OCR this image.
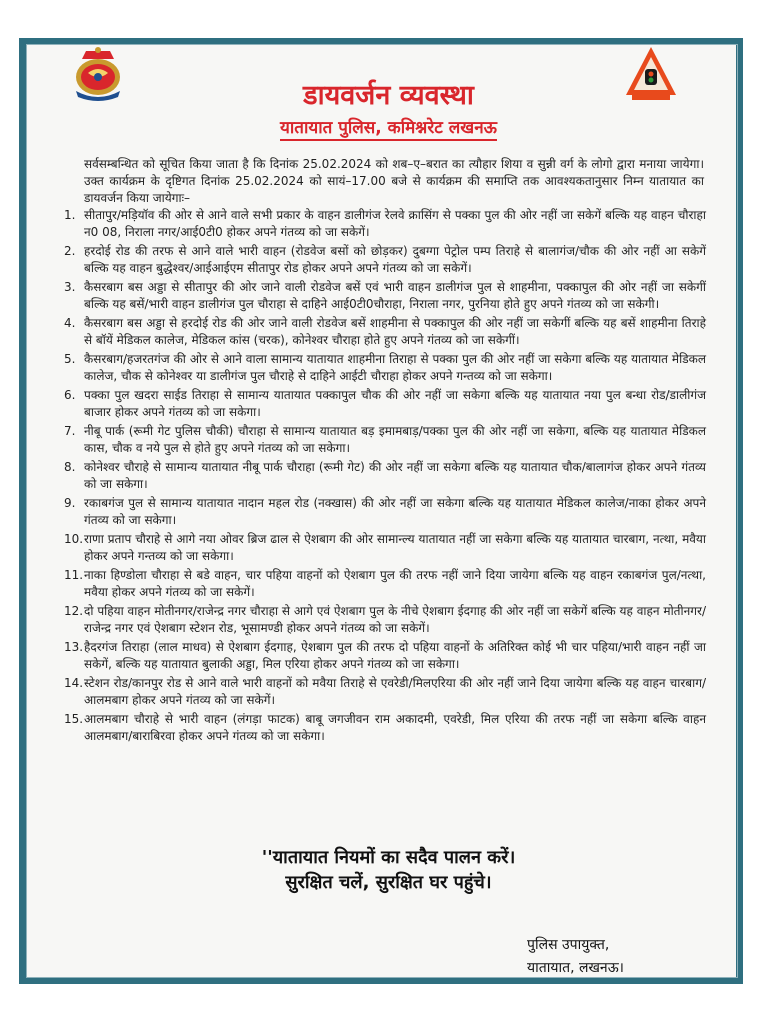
डायवर्जन व्यवस्था
यातायात पुलिस, कमिश्नरेट लखनऊ
सर्वसम्बन्धित को सूचित किया जाता है कि दिनांक 25.02.2024 को शब–ए–बरात का त्यौहार शिया व सुन्नी वर्ग के लोगो द्वारा मनाया जायेगा। उक्त कार्यक्रम के दृष्टिगत दिनांक 25.02.2024 को सायं–17.00 बजे से कार्यक्रम की समाप्ति तक आवश्यकतानुसार निम्न यातायात का डायवर्जन किया जायेगाः–
1. सीतापुर/मड़ियॉव की ओर से आने वाले सभी प्रकार के वाहन डालीगंज रेलवे क्रासिंग से पक्का पुल की ओर नहीं जा सकेगें बल्कि यह वाहन चौराहा न0 08, निराला नगर/आई0टी0 होकर अपने गंतव्य को जा सकेगें।
2. हरदोई रोड की तरफ से आने वाले भारी वाहन (रोडवेज बसों को छोड़कर) दुबग्गा पेट्रोल पम्प तिराहे से बालागंज/चौक की ओर नहीं आ सकेगें बल्कि यह वाहन बुद्धेश्वर/आईआईएम सीतापुर रोड होकर अपने अपने गंतव्य को जा सकेगें।
3. कैसरबाग बस अड्डा से सीतापुर की ओर जाने वाली रोडवेज बसें एवं भारी वाहन डालीगंज पुल से शाहमीना, पक्कापुल की ओर नहीं जा सकेगीं बल्कि यह बसें/भारी वाहन डालीगंज पुल चौराहा से दाहिने आई0टी0चौराहा, निराला नगर, पुरनिया होते हुए अपने गंतव्य को जा सकेगी।
4. कैसरबाग बस अड्डा से हरदोई रोड की ओर जाने वाली रोडवेज बसें शाहमीना से पक्कापुल की ओर नहीं जा सकेगीं बल्कि यह बसें शाहमीना तिराहे से बॉयें मेडिकल कालेज, मेडिकल कांस (चरक), कोनेश्वर चौराहा होते हुए अपने गंतव्य को जा सकेगीं।
5. कैसरबाग/हजरतगंज की ओर से आने वाला सामान्य यातायात शाहमीना तिराहा से पक्का पुल की ओर नहीं जा सकेगा बल्कि यह यातायात मेडिकल कालेज, चौक से कोनेश्वर या डालीगंज पुल चौराहे से दाहिने आईटी चौराहा होकर अपने गन्तव्य को जा सकेगा।
6. पक्का पुल खदरा साईड तिराहा से सामान्य यातायात पक्कापुल चौक की ओर नहीं जा सकेगा बल्कि यह यातायात नया पुल बन्धा रोड/डालीगंज बाजार होकर अपने गंतव्य को जा सकेगा।
7. नीबू पार्क (रूमी गेट पुलिस चौकी) चौराहा से सामान्य यातायात बड़ इमामबाड़/पक्का पुल की ओर नहीं जा सकेगा, बल्कि यह यातायात मेडिकल कास, चौक व नये पुल से होते हुए अपने गंतव्य को जा सकेगा।
8. कोनेश्वर चौराहे से सामान्य यातायात नीबू पार्क चौराहा (रूमी गेट) की ओर नहीं जा सकेगा बल्कि यह यातायात चौक/बालागंज होकर अपने गंतव्य को जा सकेगा।
9. रकाबगंज पुल से सामान्य यातायात नादान महल रोड (नक्खास) की ओर नहीं जा सकेगा बल्कि यह यातायात मेडिकल कालेज/नाका होकर अपने गंतव्य को जा सकेगा।
10. राणा प्रताप चौराहे से आगे नया ओवर ब्रिज ढाल से ऐशबाग की ओर सामान्ल्य यातायात नहीं जा सकेगा बल्कि यह यातायात चारबाग, नत्था, मवैया होकर अपने गन्तव्य को जा सकेगा।
11. नाका हिण्डोला चौराहा से बडे वाहन, चार पहिया वाहनों को ऐशबाग पुल की तरफ नहीं जाने दिया जायेगा बल्कि यह वाहन रकाबगंज पुल/नत्था, मवैया होकर अपने गंतव्य को जा सकेगें।
12. दो पहिया वाहन मोतीनगर/राजेन्द्र नगर चौराहा से आगे एवं ऐशबाग पुल के नीचे ऐशबाग ईदगाह की ओर नहीं जा सकेगें बल्कि यह वाहन मोतीनगर/राजेन्द्र नगर एवं ऐशबाग स्टेशन रोड, भूसामण्डी होकर अपने गंतव्य को जा सकेगें।
13. हैदरगंज तिराहा (लाल माधव) से ऐशबाग ईदगाह, ऐशबाग पुल की तरफ दो पहिया वाहनों के अतिरिक्त कोई भी चार पहिया/भारी वाहन नहीं जा सकेगें, बल्कि यह यातायात बुलाकी अड्डा, मिल एरिया होकर अपने गंतव्य को जा सकेगा।
14. स्टेशन रोड/कानपुर रोड से आने वाले भारी वाहनों को मवैया तिराहे से एवरेडी/मिलएरिया की ओर नहीं जाने दिया जायेगा बल्कि यह वाहन चारबाग/आलमबाग होकर अपने गंतव्य को जा सकेगें।
15. आलमबाग चौराहे से भारी वाहन (लंगड़ा फाटक) बाबू जगजीवन राम अकादमी, एवरेडी, मिल एरिया की तरफ नहीं जा सकेगा बल्कि वाहन आलमबाग/बाराबिरवा होकर अपने गंतव्य को जा सकेगा।
''यातायात नियमों का सदैव पालन करें।
सुरक्षित चलें, सुरक्षित घर पहुंचे।
पुलिस उपायुक्त,
यातायात, लखनऊ।
